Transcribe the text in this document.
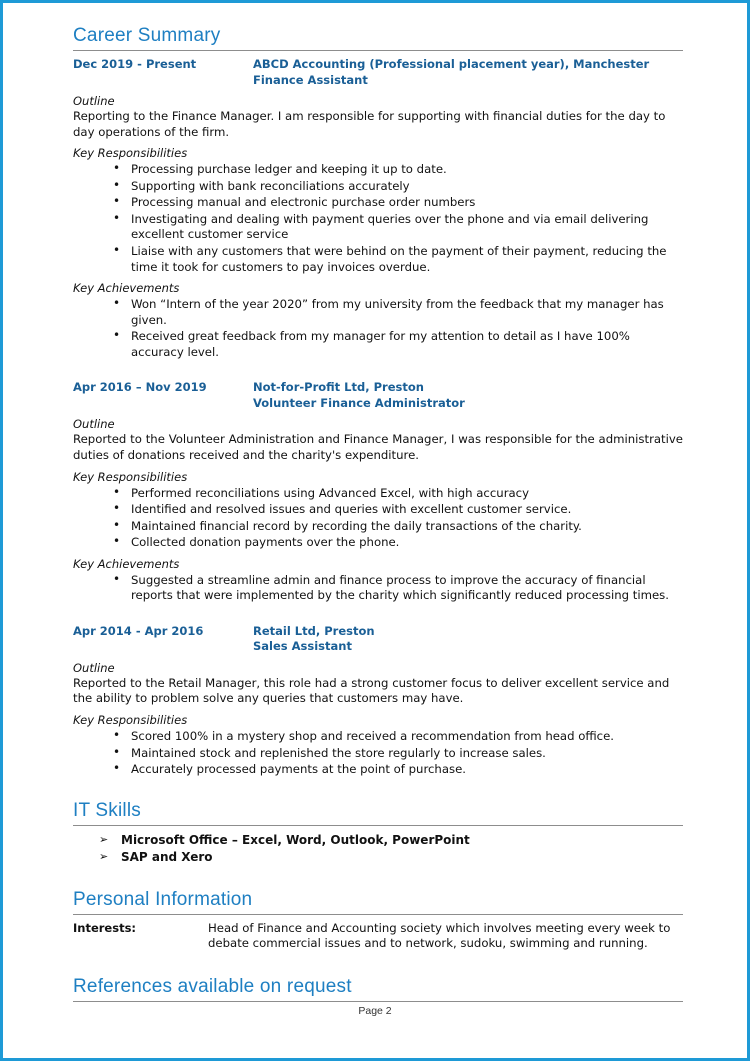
Career Summary
Dec 2019 - Present	ABCD Accounting (Professional placement year), Manchester
Finance Assistant
Outline

Reporting to the Finance Manager. I am responsible for supporting with financial duties for the day to day operations of the firm.

Key Responsibilities
• Processing purchase ledger and keeping it up to date.
• Supporting with bank reconciliations accurately
• Processing manual and electronic purchase order numbers
• Investigating and dealing with payment queries over the phone and via email delivering excellent customer service
• Liaise with any customers that were behind on the payment of their payment, reducing the time it took for customers to pay invoices overdue.
Key Achievements
• Won “Intern of the year 2020” from my university from the feedback that my manager has given.
• Received great feedback from my manager for my attention to detail as I have 100% accuracy level.
Apr 2016 – Nov 2019	Not-for-Profit Ltd, Preston
Volunteer Finance Administrator
Outline

Reported to the Volunteer Administration and Finance Manager, I was responsible for the administrative duties of donations received and the charity's expenditure.

Key Responsibilities
• Performed reconciliations using Advanced Excel, with high accuracy
• Identified and resolved issues and queries with excellent customer service.
• Maintained financial record by recording the daily transactions of the charity.
• Collected donation payments over the phone.
Key Achievements
• Suggested a streamline admin and finance process to improve the accuracy of financial reports that were implemented by the charity which significantly reduced processing times.
Apr 2014 - Apr 2016	Retail Ltd, Preston
Sales Assistant
Outline

Reported to the Retail Manager, this role had a strong customer focus to deliver excellent service and the ability to problem solve any queries that customers may have.

Key Responsibilities
• Scored 100% in a mystery shop and received a recommendation from head office.
• Maintained stock and replenished the store regularly to increase sales.
• Accurately processed payments at the point of purchase.
IT Skills
➢ Microsoft Office – Excel, Word, Outlook, PowerPoint
➢ SAP and Xero
Personal Information
Interests:	Head of Finance and Accounting society which involves meeting every week to debate commercial issues and to network, sudoku, swimming and running.
References available on request
Page 2
